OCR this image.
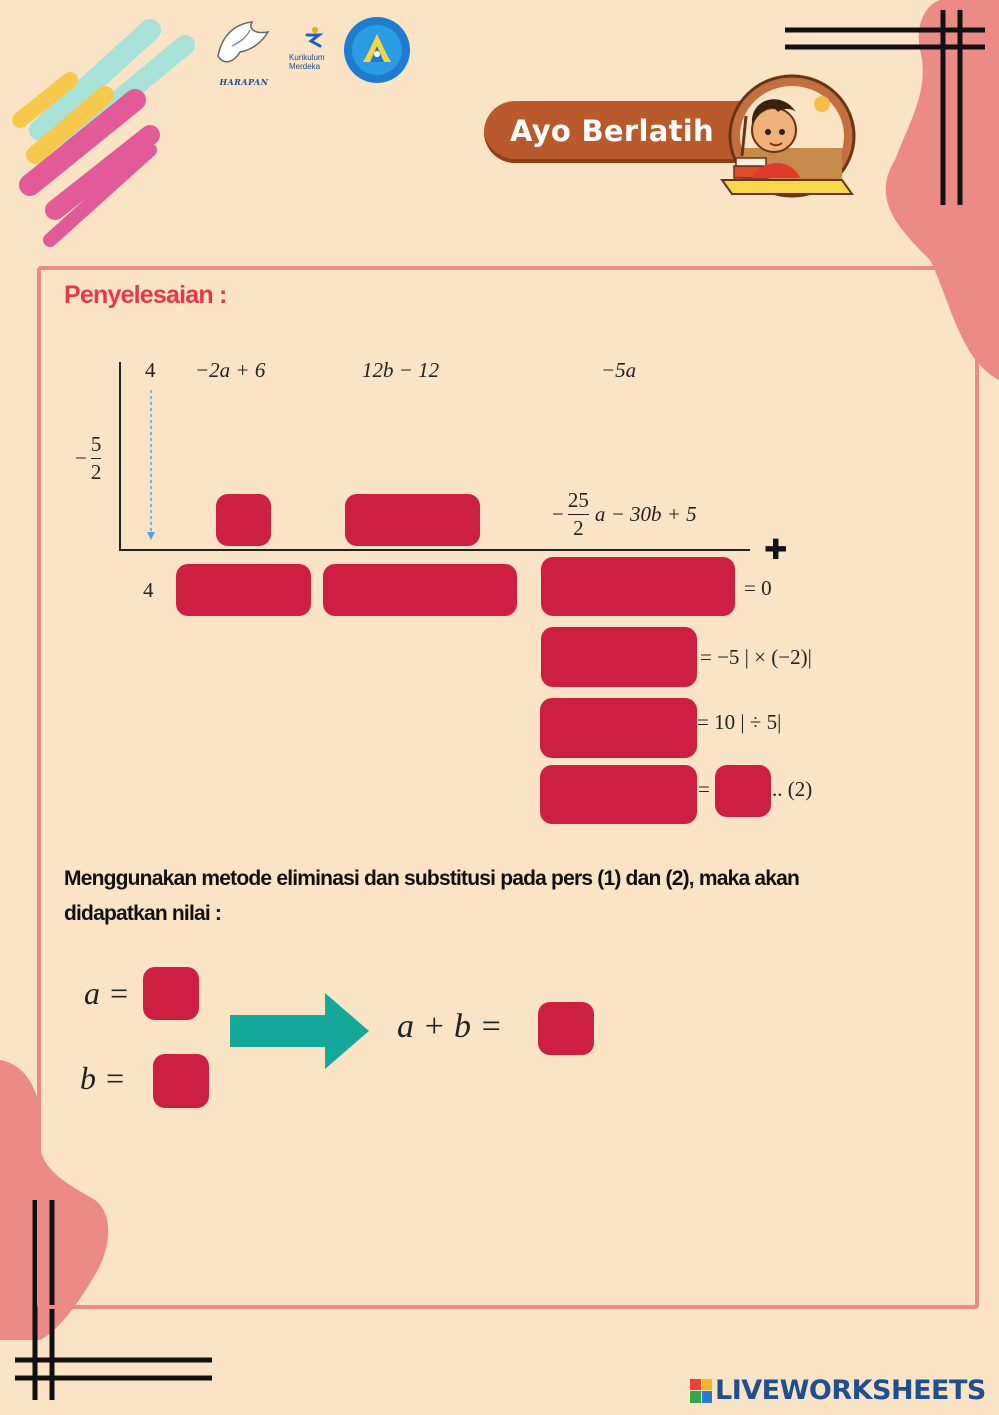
HARAPAN
Kurikulum
Merdeka
Ayo Berlatih
Penyelesaian :
4 −2a + 6	12b − 12	−5a
− $\frac{5}{2}$
− $\frac{25}{2}$ a − 30b + 5
✚
4	= 0
= −5 | × (−2)|
= 10 | ÷ 5|
=	.. (2)
Menggunakan metode eliminasi dan substitusi pada pers (1) dan (2), maka akan
didapatkan nilai :
a =
b =
a + b =
LIVEWORKSHEETS
